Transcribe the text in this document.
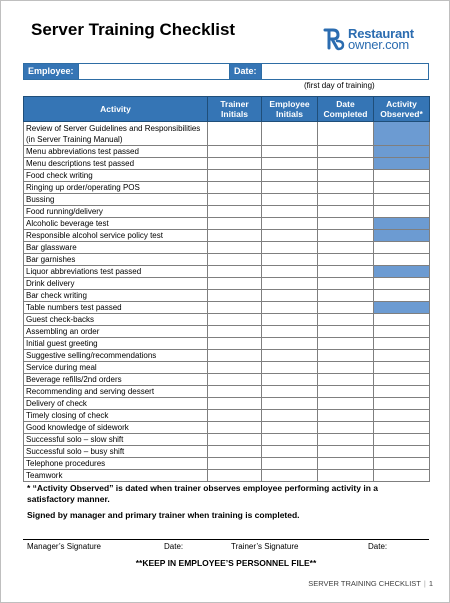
Server Training Checklist	Restaurant
owner.com
Employee:	Date:
(first day of training)
Activity	Trainer Initials	Employee Initials	Date Completed	Activity Observed*
Review of Server Guidelines and Responsibilities (in Server Training Manual)				
Menu abbreviations test passed				
Menu descriptions test passed				
Food check writing				
Ringing up order/operating POS				
Bussing				
Food running/delivery				
Alcoholic beverage test				
Responsible alcohol service policy test				
Bar glassware				
Bar garnishes				
Liquor abbreviations test passed				
Drink delivery				
Bar check writing				
Table numbers test passed				
Guest check-backs				
Assembling an order				
Initial guest greeting				
Suggestive selling/recommendations				
Service during meal				
Beverage refills/2nd orders				
Recommending and serving dessert				
Delivery of check				
Timely closing of check				
Good knowledge of sidework				
Successful solo – slow shift				
Successful solo – busy shift				
Telephone procedures				
Teamwork				
* “Activity Observed” is dated when trainer observes employee performing activity in a satisfactory manner.
Signed by manager and primary trainer when training is completed.
Manager’s Signature	Date:	Trainer’s Signature	Date:
**KEEP IN EMPLOYEE’S PERSONNEL FILE**
SERVER TRAINING CHECKLIST | 1
